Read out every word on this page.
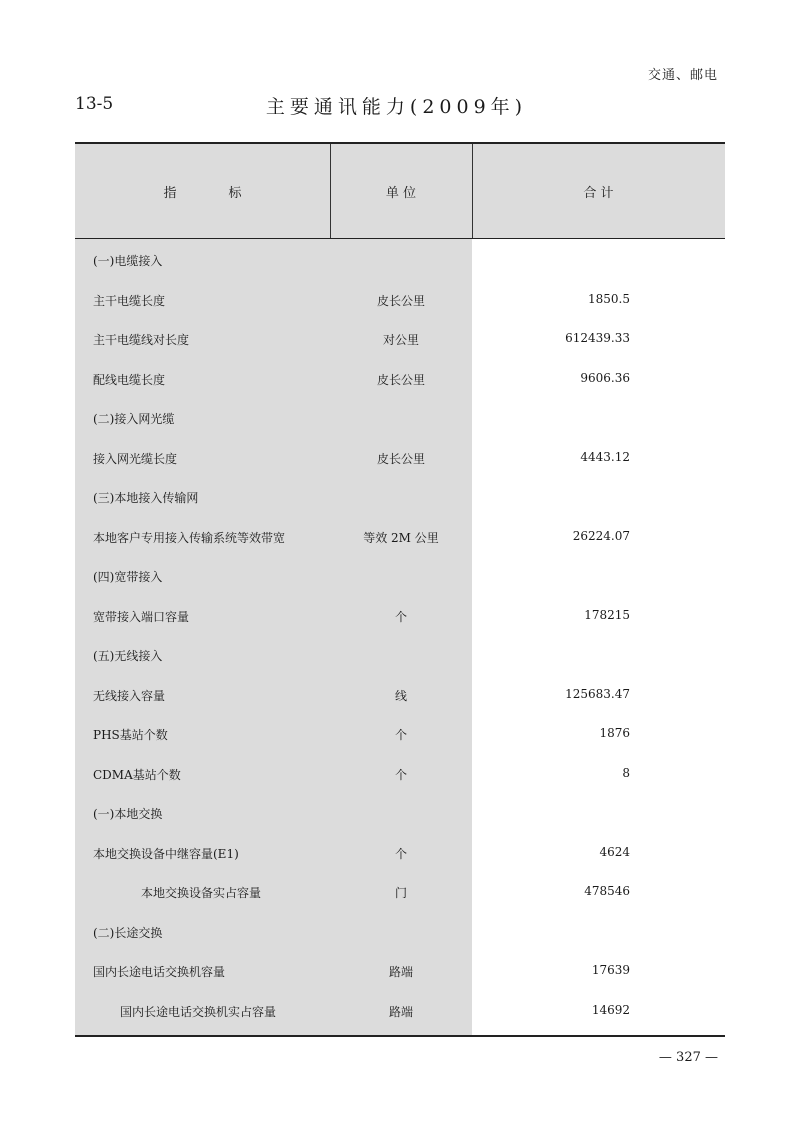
交通、邮电
13-5	主要通讯能力(2009年)
指　　　　标	单 位	合 计
(一)电缆接入
主干电缆长度	皮长公里	1850.5
主干电缆线对长度	对公里	612439.33
配线电缆长度	皮长公里	9606.36
(二)接入网光缆
接入网光缆长度	皮长公里	4443.12
(三)本地接入传输网
本地客户专用接入传输系统等效带宽	等效 2M 公里	26224.07
(四)宽带接入
宽带接入端口容量	个	178215
(五)无线接入
无线接入容量	线	125683.47
PHS基站个数	个	1876
CDMA基站个数	个	8
(一)本地交换
本地交换设备中继容量(E1)	个	4624
本地交换设备实占容量	门	478546
(二)长途交换
国内长途电话交换机容量	路端	17639
国内长途电话交换机实占容量	路端	14692
— 327 —
